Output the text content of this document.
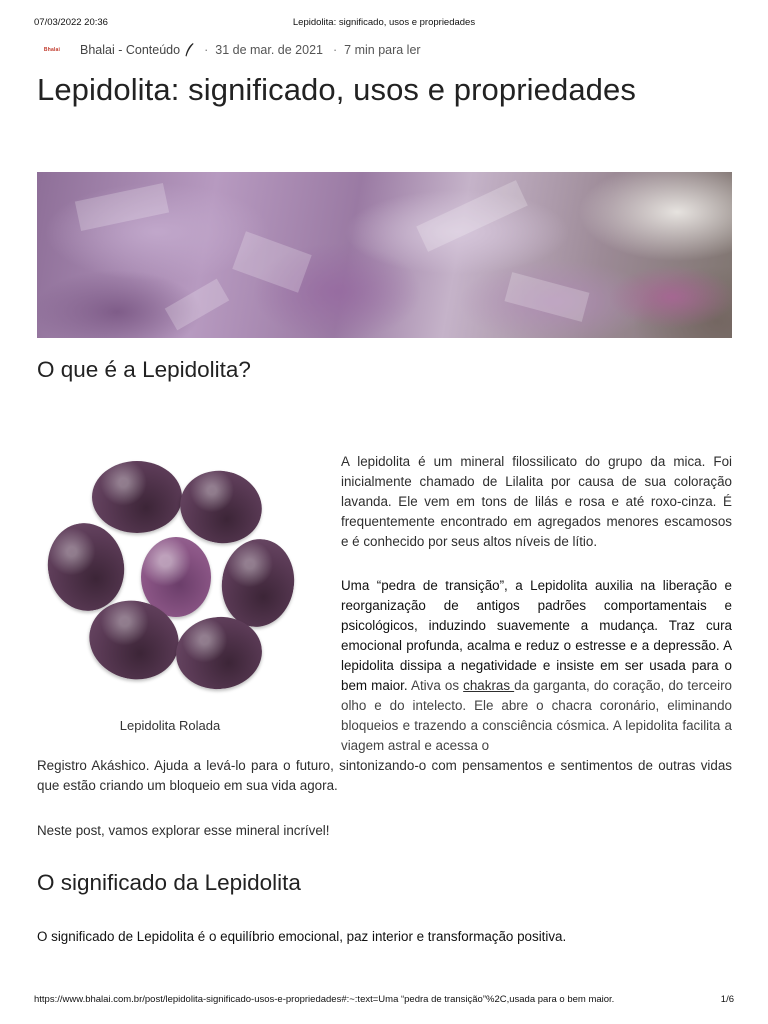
07/03/2022 20:36	Lepidolita: significado, usos e propriedades
Bhalai Bhalai - Conteúdo · 31 de mar. de 2021 · 7 min para ler
Lepidolita: significado, usos e propriedades
O que é a Lepidolita?
Lepidolita Rolada

A lepidolita é um mineral filossilicato do grupo da mica. Foi inicialmente chamado de Lilalita por causa de sua coloração lavanda. Ele vem em tons de lilás e rosa e até roxo-cinza. É frequentemente encontrado em agregados menores escamosos e é conhecido por seus altos níveis de lítio.

Uma “pedra de transição”, a Lepidolita auxilia na liberação e reorganização de antigos padrões comportamentais e psicológicos, induzindo suavemente a mudança. Traz cura emocional profunda, acalma e reduz o estresse e a depressão. A lepidolita dissipa a negatividade e insiste em ser usada para o bem maior. Ativa os chakras da garganta, do coração, do terceiro olho e do intelecto. Ele abre o chacra coronário, eliminando bloqueios e trazendo a consciência cósmica. A lepidolita facilita a viagem astral e acessa o

Registro Akáshico. Ajuda a levá-lo para o futuro, sintonizando-o com pensamentos e sentimentos de outras vidas que estão criando um bloqueio em sua vida agora.

Neste post, vamos explorar esse mineral incrível!

O significado da Lepidolita

O significado de Lepidolita é o equilíbrio emocional, paz interior e transformação positiva.

https://www.bhalai.com.br/post/lepidolita-significado-usos-e-propriedades#:~:text=Uma “pedra de transição”%2C,usada para o bem maior.	1/6
